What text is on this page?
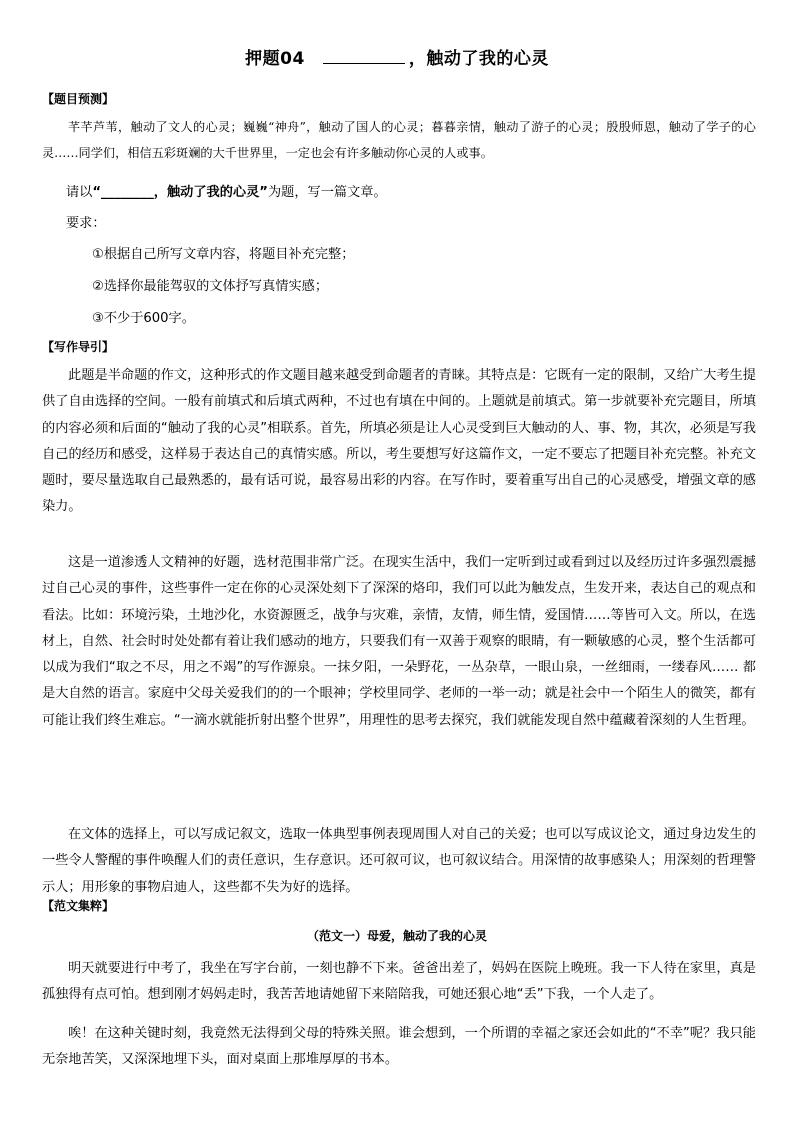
押题04	，触动了我的心灵
【题目预测】
芊芊芦苇，触动了文人的心灵；巍巍“神舟”，触动了国人的心灵；暮暮亲情，触动了游子的心灵；殷殷师恩，触动了学子的心灵……同学们，相信五彩斑斓的大千世界里，一定也会有许多触动你心灵的人或事。
请以“________，触动了我的心灵”为题，写一篇文章。
要求：
①根据自己所写文章内容，将题目补充完整；
②选择你最能驾驭的文体抒写真情实感；
③不少于600字。
【写作导引】
此题是半命题的作文，这种形式的作文题目越来越受到命题者的青睐。其特点是：它既有一定的限制，又给广大考生提供了自由选择的空间。一般有前填式和后填式两种，不过也有填在中间的。上题就是前填式。第一步就要补充完题目，所填的内容必须和后面的“触动了我的心灵”相联系。首先，所填必须是让人心灵受到巨大触动的人、事、物，其次，必须是写我自己的经历和感受，这样易于表达自己的真情实感。所以，考生要想写好这篇作文，一定不要忘了把题目补充完整。补充文题时，要尽量选取自己最熟悉的，最有话可说，最容易出彩的内容。在写作时，要着重写出自己的心灵感受，增强文章的感染力。
这是一道渗透人文精神的好题，选材范围非常广泛。在现实生活中，我们一定听到过或看到过以及经历过许多强烈震撼过自己心灵的事件，这些事件一定在你的心灵深处刻下了深深的烙印，我们可以此为触发点，生发开来，表达自己的观点和看法。比如：环境污染，土地沙化，水资源匮乏，战争与灾难，亲情，友情，师生情，爱国情……等皆可入文。所以，在选材上，自然、社会时时处处都有着让我们感动的地方，只要我们有一双善于观察的眼睛，有一颗敏感的心灵，整个生活都可以成为我们“取之不尽，用之不竭”的写作源泉。一抹夕阳，一朵野花，一丛杂草，一眼山泉，一丝细雨，一缕春风…… 都是大自然的语言。家庭中父母关爱我们的的一个眼神；学校里同学、老师的一举一动；就是社会中一个陌生人的微笑，都有可能让我们终生难忘。“一滴水就能折射出整个世界”，用理性的思考去探究，我们就能发现自然中蕴藏着深刻的人生哲理。
在文体的选择上，可以写成记叙文，选取一体典型事例表现周围人对自己的关爱；也可以写成议论文，通过身边发生的一些令人警醒的事件唤醒人们的责任意识，生存意识。还可叙可议，也可叙议结合。用深情的故事感染人；用深刻的哲理警示人；用形象的事物启迪人，这些都不失为好的选择。
【范文集粹】
（范文一）母爱，触动了我的心灵
明天就要进行中考了，我坐在写字台前，一刻也静不下来。爸爸出差了，妈妈在医院上晚班。我一下人待在家里，真是孤独得有点可怕。想到刚才妈妈走时，我苦苦地请她留下来陪陪我，可她还狠心地“丢”下我，一个人走了。
唉！在这种关键时刻，我竟然无法得到父母的特殊关照。谁会想到，一个所谓的幸福之家还会如此的“不幸”呢？我只能无奈地苦笑，又深深地埋下头，面对桌面上那堆厚厚的书本。
